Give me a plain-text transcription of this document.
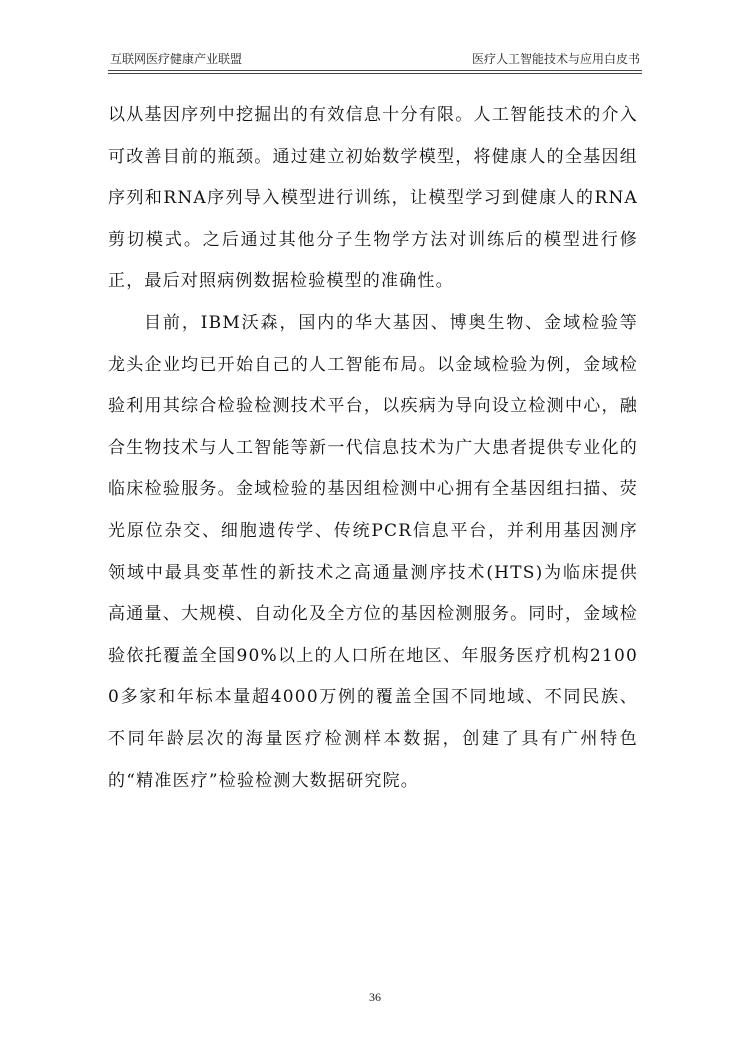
互联网医疗健康产业联盟	医疗人工智能技术与应用白皮书

以从基因序列中挖掘出的有效信息十分有限。人工智能技术的介入可改善目前的瓶颈。通过建立初始数学模型，将健康人的全基因组序列和RNA序列导入模型进行训练，让模型学习到健康人的RNA剪切模式。之后通过其他分子生物学方法对训练后的模型进行修正，最后对照病例数据检验模型的准确性。

目前，IBM沃森，国内的华大基因、博奥生物、金域检验等龙头企业均已开始自己的人工智能布局。以金域检验为例，金域检验利用其综合检验检测技术平台，以疾病为导向设立检测中心，融合生物技术与人工智能等新一代信息技术为广大患者提供专业化的临床检验服务。金域检验的基因组检测中心拥有全基因组扫描、荧光原位杂交、细胞遗传学、传统PCR信息平台，并利用基因测序领域中最具变革性的新技术之高通量测序技术(HTS)为临床提供高通量、大规模、自动化及全方位的基因检测服务。同时，金域检验依托覆盖全国90%以上的人口所在地区、年服务医疗机构21000多家和年标本量超4000万例的覆盖全国不同地域、不同民族、不同年龄层次的海量医疗检测样本数据，创建了具有广州特色的“精准医疗”检验检测大数据研究院。

36
